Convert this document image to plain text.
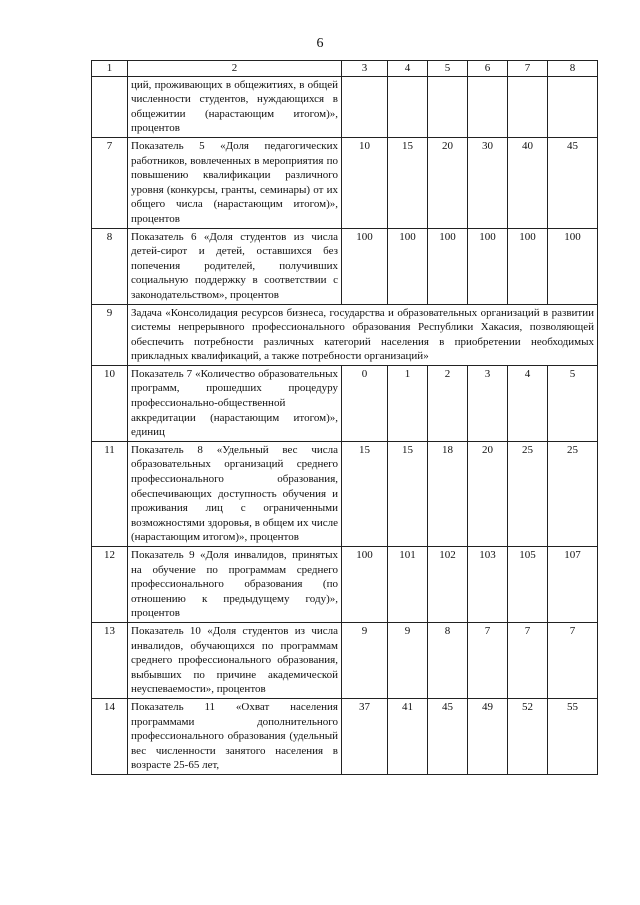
6
1	2	3	4	5	6	7	8
	ций, проживающих в общежитиях, в общей численности студентов, нуждающихся в общежитии (нарастающим итогом)», процентов						
7	Показатель 5 «Доля педагогических работников, вовлеченных в мероприятия по повышению квалификации различного уровня (конкурсы, гранты, семинары) от их общего числа (нарастающим итогом)», процентов	10	15	20	30	40	45
8	Показатель 6 «Доля студентов из числа детей-сирот и детей, оставшихся без попечения родителей, получивших социальную поддержку в соответствии с законодательством», процентов	100	100	100	100	100	100
9	Задача «Консолидация ресурсов бизнеса, государства и образовательных организаций в развитии системы непрерывного профессионального образования Республики Хакасия, позволяющей обеспечить потребности различных категорий населения в приобретении необходимых прикладных квалификаций, а также потребности организаций»						
10	Показатель 7 «Количество образовательных программ, прошедших процедуру профессионально-общественной аккредитации (нарастающим итогом)», единиц	0	1	2	3	4	5
11	Показатель 8 «Удельный вес числа образовательных организаций среднего профессионального образования, обеспечивающих доступность обучения и проживания лиц с ограниченными возможностями здоровья, в общем их числе (нарастающим итогом)», процентов	15	15	18	20	25	25
12	Показатель 9 «Доля инвалидов, принятых на обучение по программам среднего профессионального образования (по отношению к предыдущему году)», процентов	100	101	102	103	105	107
13	Показатель 10 «Доля студентов из числа инвалидов, обучающихся по программам среднего профессионального образования, выбывших по причине академической неуспеваемости», процентов	9	9	8	7	7	7
14	Показатель 11 «Охват населения программами дополнительного профессионального образования (удельный вес численности занятого населения в возрасте 25-65 лет,	37	41	45	49	52	55
